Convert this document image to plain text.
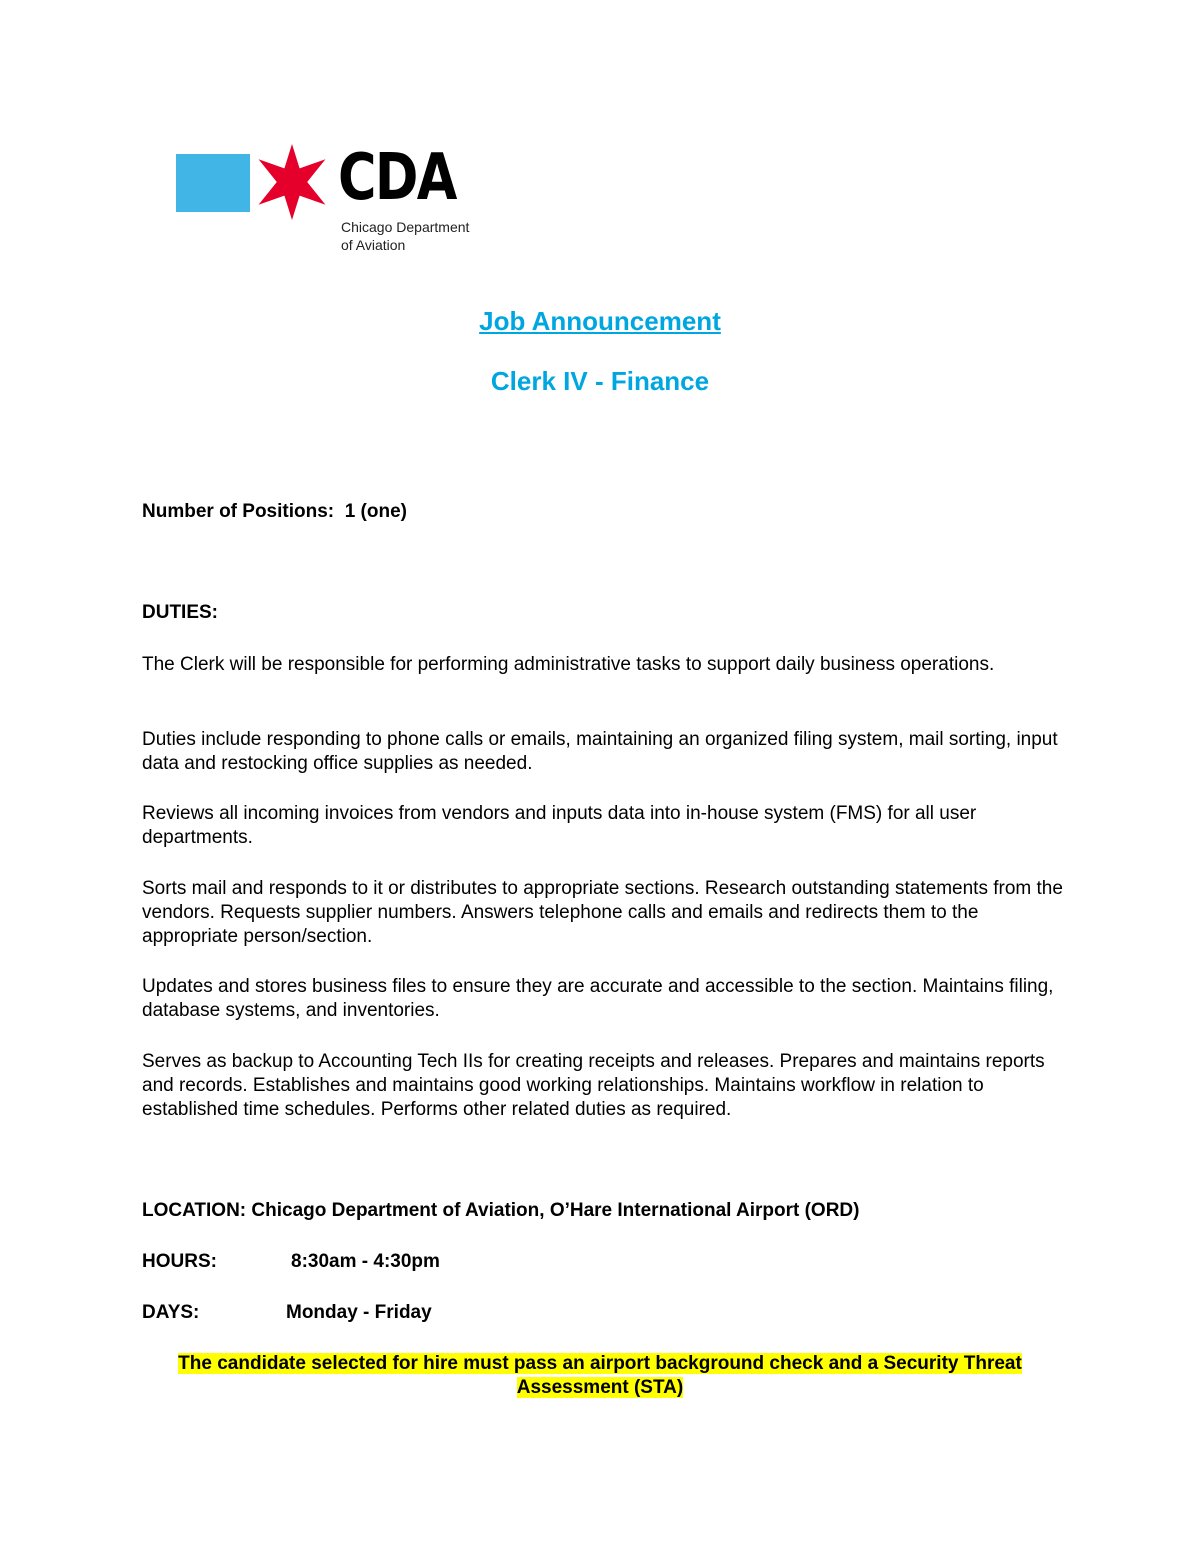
CDA
Chicago Department
of Aviation
Job Announcement
Clerk IV - Finance
Number of Positions: 1 (one)
DUTIES:

The Clerk will be responsible for performing administrative tasks to support daily business operations.

Duties include responding to phone calls or emails, maintaining an organized filing system, mail sorting, input data and restocking office supplies as needed.

Reviews all incoming invoices from vendors and inputs data into in-house system (FMS) for all user departments.

Sorts mail and responds to it or distributes to appropriate sections. Research outstanding statements from the vendors. Requests supplier numbers. Answers telephone calls and emails and redirects them to the appropriate person/section.

Updates and stores business files to ensure they are accurate and accessible to the section. Maintains filing, database systems, and inventories.

Serves as backup to Accounting Tech IIs for creating receipts and releases. Prepares and maintains reports and records. Establishes and maintains good working relationships. Maintains workflow in relation to established time schedules. Performs other related duties as required.

LOCATION: Chicago Department of Aviation, O’Hare International Airport (ORD)
HOURS:	8:30am - 4:30pm
DAYS:	Monday - Friday
The candidate selected for hire must pass an airport background check and a Security Threat Assessment (STA)
